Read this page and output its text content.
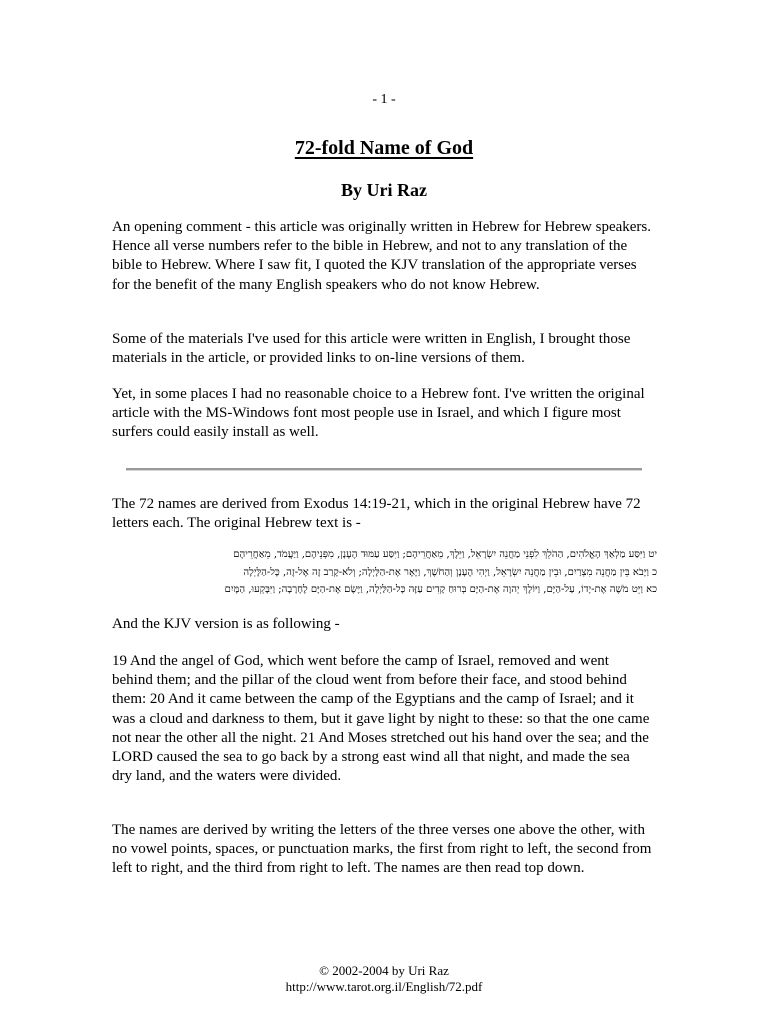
- 1 -
72-fold Name of God
By Uri Raz

An opening comment - this article was originally written in Hebrew for Hebrew speakers. Hence all verse numbers refer to the bible in Hebrew, and not to any translation of the bible to Hebrew. Where I saw fit, I quoted the KJV translation of the appropriate verses for the benefit of the many English speakers who do not know Hebrew.

Some of the materials I've used for this article were written in English, I brought those materials in the article, or provided links to on-line versions of them.

Yet, in some places I had no reasonable choice to a Hebrew font. I've written the original article with the MS-Windows font most people use in Israel, and which I figure most surfers could easily install as well.

The 72 names are derived from Exodus 14:19-21, which in the original Hebrew have 72 letters each. The original Hebrew text is -

יט וַיִּסַּע מַלְאַךְ הָאֱלֹהִים, הַהֹלֵךְ לִפְנֵי מַחֲנֵה יִשְׂרָאֵל, וַיֵּלֶךְ, מֵאַחֲרֵיהֶם; וַיִּסַּע עַמּוּד הֶעָנָן, מִפְּנֵיהֶם, וַיַּעֲמֹד, מֵאַחֲרֵיהֶם
כ וַיָּבֹא בֵּין מַחֲנֵה מִצְרַיִם, וּבֵין מַחֲנֵה יִשְׂרָאֵל, וַיְהִי הֶעָנָן וְהַחֹשֶׁךְ, וַיָּאֶר אֶת-הַלָּיְלָה; וְלֹא-קָרַב זֶה אֶל-זֶה, כָּל-הַלָּיְלָה
כא וַיֵּט מֹשֶׁה אֶת-יָדוֹ, עַל-הַיָּם, וַיּוֹלֶךְ יְהוָה אֶת-הַיָּם בְּרוּחַ קָדִים עַזָּה כָּל-הַלַּיְלָה, וַיָּשֶׂם אֶת-הַיָּם לֶחָרָבָה; וַיִּבָּקְעוּ, הַמָּיִם

And the KJV version is as following -

19 And the angel of God, which went before the camp of Israel, removed and went behind them; and the pillar of the cloud went from before their face, and stood behind them: 20 And it came between the camp of the Egyptians and the camp of Israel; and it was a cloud and darkness to them, but it gave light by night to these: so that the one came not near the other all the night. 21 And Moses stretched out his hand over the sea; and the LORD caused the sea to go back by a strong east wind all that night, and made the sea dry land, and the waters were divided.

The names are derived by writing the letters of the three verses one above the other, with no vowel points, spaces, or punctuation marks, the first from right to left, the second from left to right, and the third from right to left. The names are then read top down.

© 2002-2004 by Uri Raz
http://www.tarot.org.il/English/72.pdf
